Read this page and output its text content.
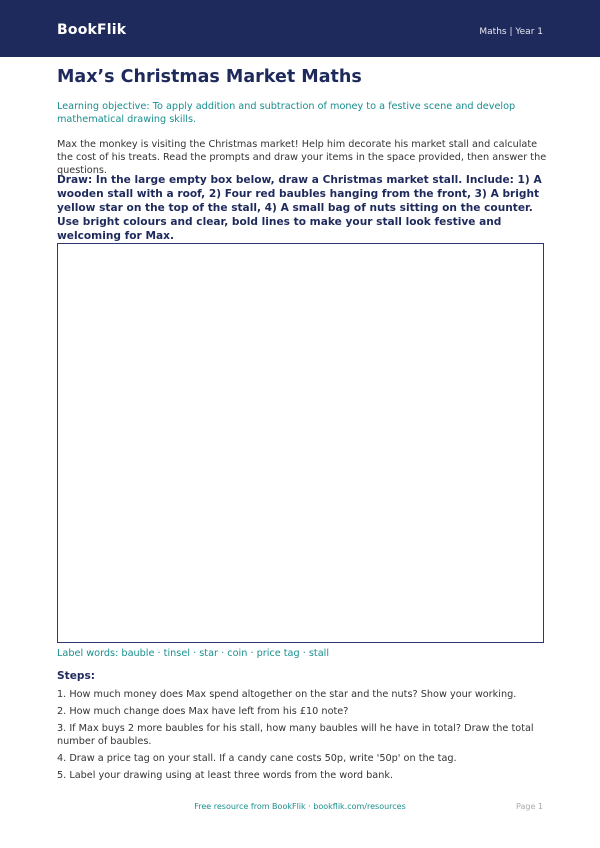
BookFlik	Maths | Year 1
Max’s Christmas Market Maths

Learning objective: To apply addition and subtraction of money to a festive scene and develop mathematical drawing skills.

Max the monkey is visiting the Christmas market! Help him decorate his market stall and calculate the cost of his treats. Read the prompts and draw your items in the space provided, then answer the questions.

Draw: In the large empty box below, draw a Christmas market stall. Include: 1) A wooden stall with a roof, 2) Four red baubles hanging from the front, 3) A bright yellow star on the top of the stall, 4) A small bag of nuts sitting on the counter. Use bright colours and clear, bold lines to make your stall look festive and welcoming for Max.

Label words: bauble · tinsel · star · coin · price tag · stall
Steps:

1. How much money does Max spend altogether on the star and the nuts? Show your working.

2. How much change does Max have left from his £10 note?

3. If Max buys 2 more baubles for his stall, how many baubles will he have in total? Draw the total number of baubles.

4. Draw a price tag on your stall. If a candy cane costs 50p, write '50p' on the tag.

5. Label your drawing using at least three words from the word bank.

Free resource from BookFlik · bookflik.com/resources	Page 1
